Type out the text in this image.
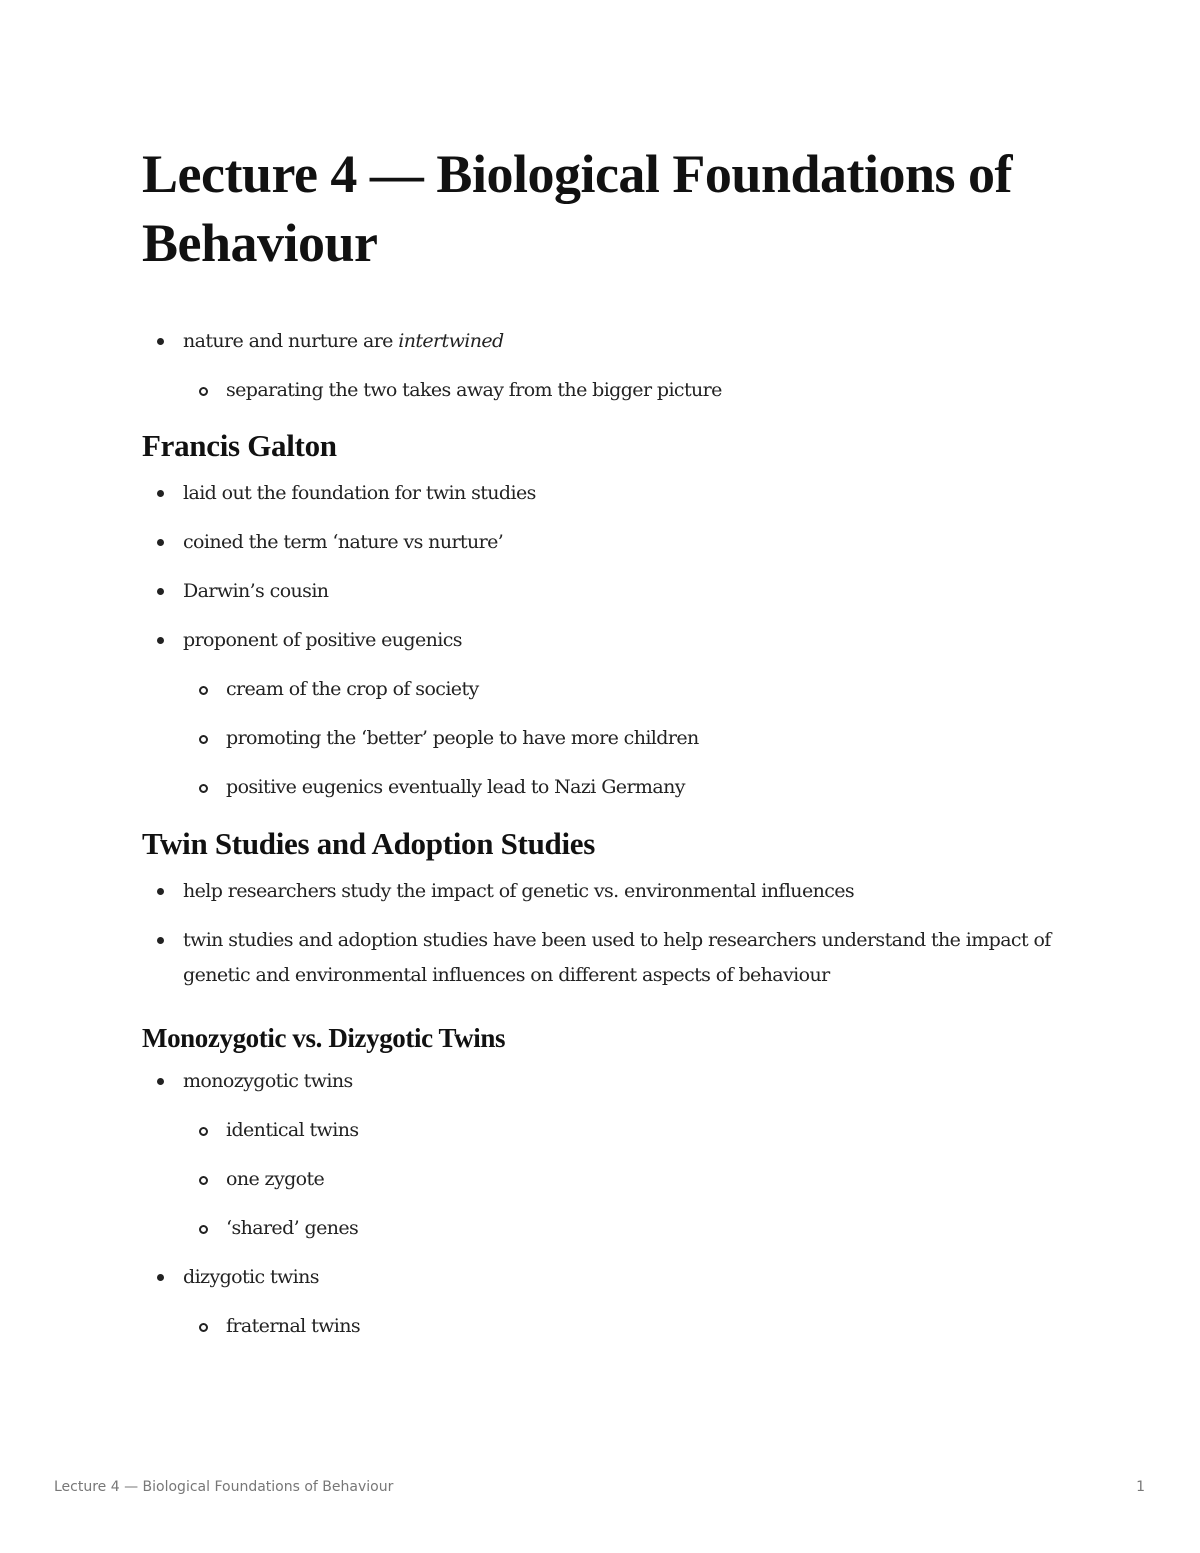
Lecture 4 — Biological Foundations of Behaviour
nature and nurture are intertwined
separating the two takes away from the bigger picture
Francis Galton
laid out the foundation for twin studies
coined the term ‘nature vs nurture’
Darwin’s cousin
proponent of positive eugenics
cream of the crop of society
promoting the ‘better’ people to have more children
positive eugenics eventually lead to Nazi Germany
Twin Studies and Adoption Studies
help researchers study the impact of genetic vs. environmental influences
twin studies and adoption studies have been used to help researchers understand the impact of genetic and environmental influences on different aspects of behaviour
Monozygotic vs. Dizygotic Twins
monozygotic twins
identical twins
one zygote
‘shared’ genes
dizygotic twins
fraternal twins
Lecture 4 — Biological Foundations of Behaviour	1
